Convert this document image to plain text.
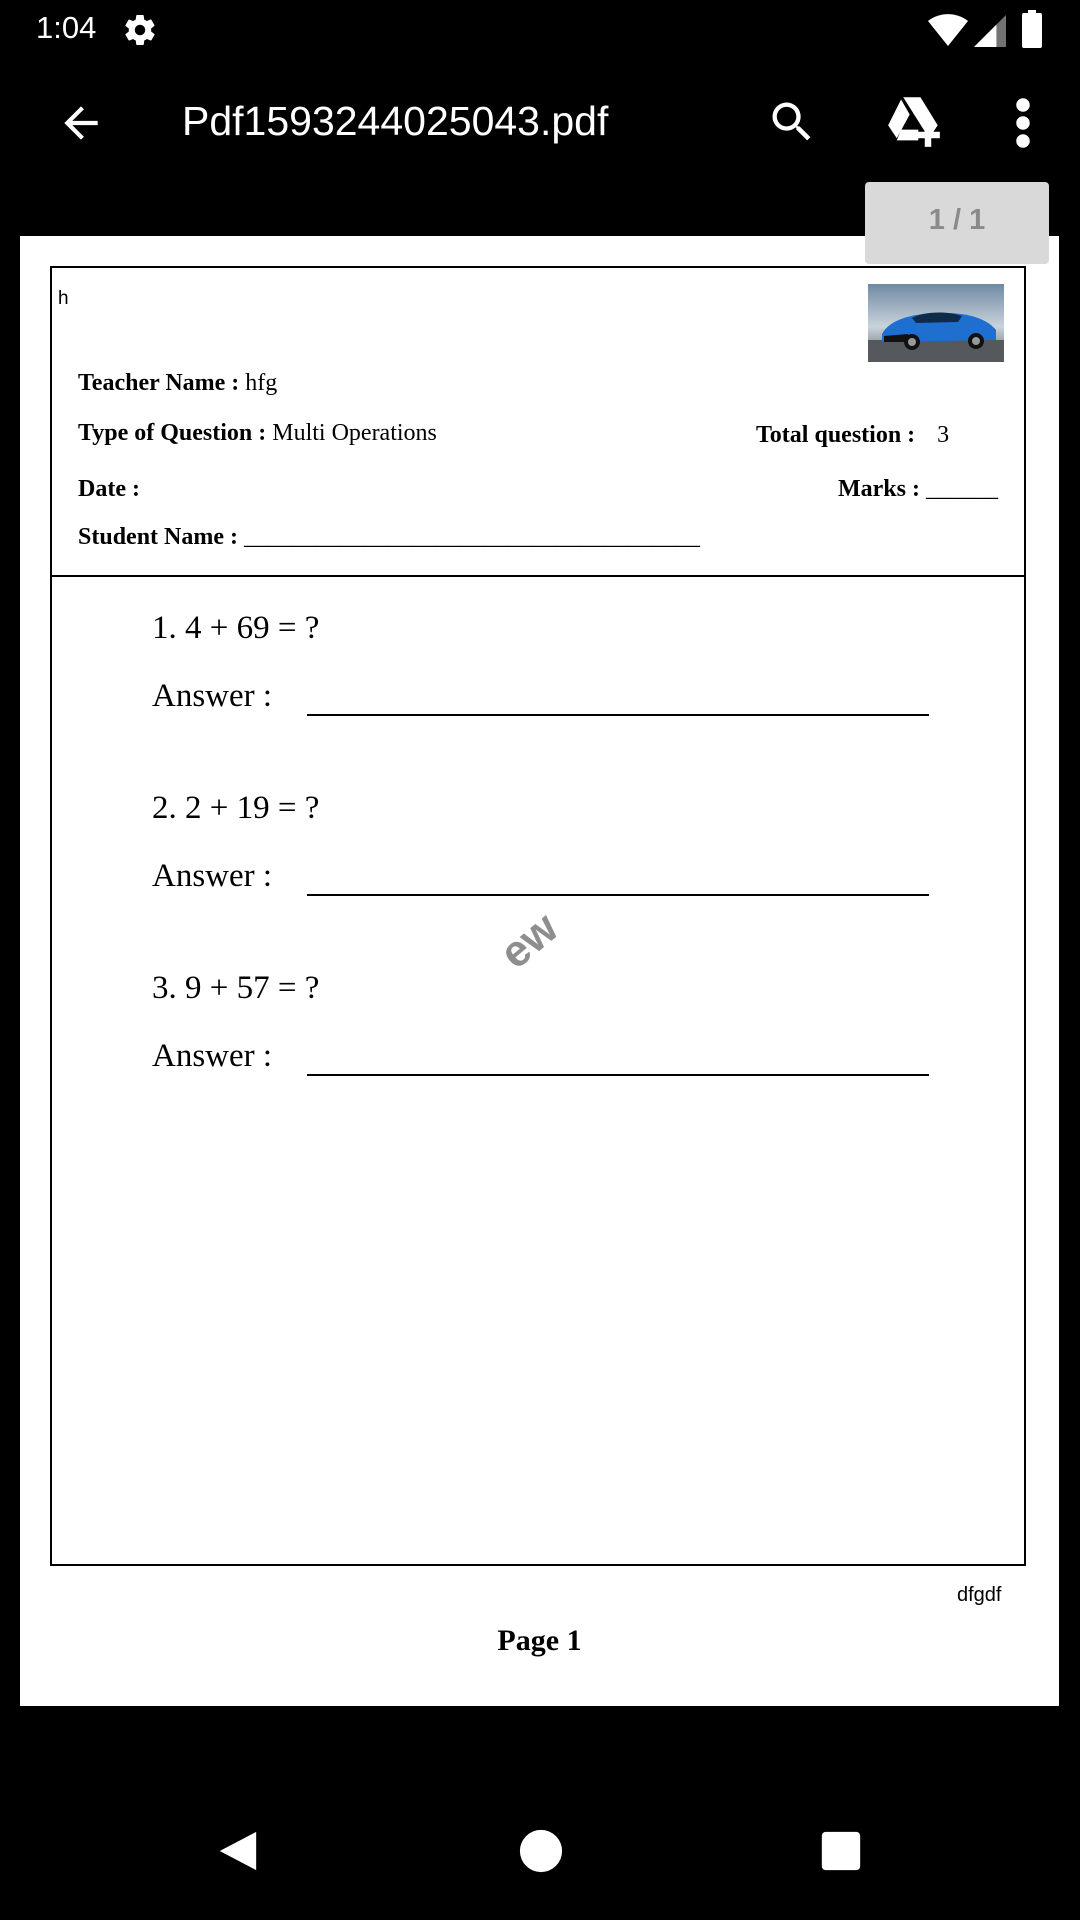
1:04
Pdf1593244025043.pdf
1 / 1
h
Teacher Name : hfg
Type of Question : Multi Operations	Total question : 3
Date :	Marks : ______
Student Name : ______________________________________
1. 4 + 69 = ?
Answer :
2. 2 + 19 = ?
Answer :
3. 9 + 57 = ?
Answer :
ew
dfgdf
Page 1
